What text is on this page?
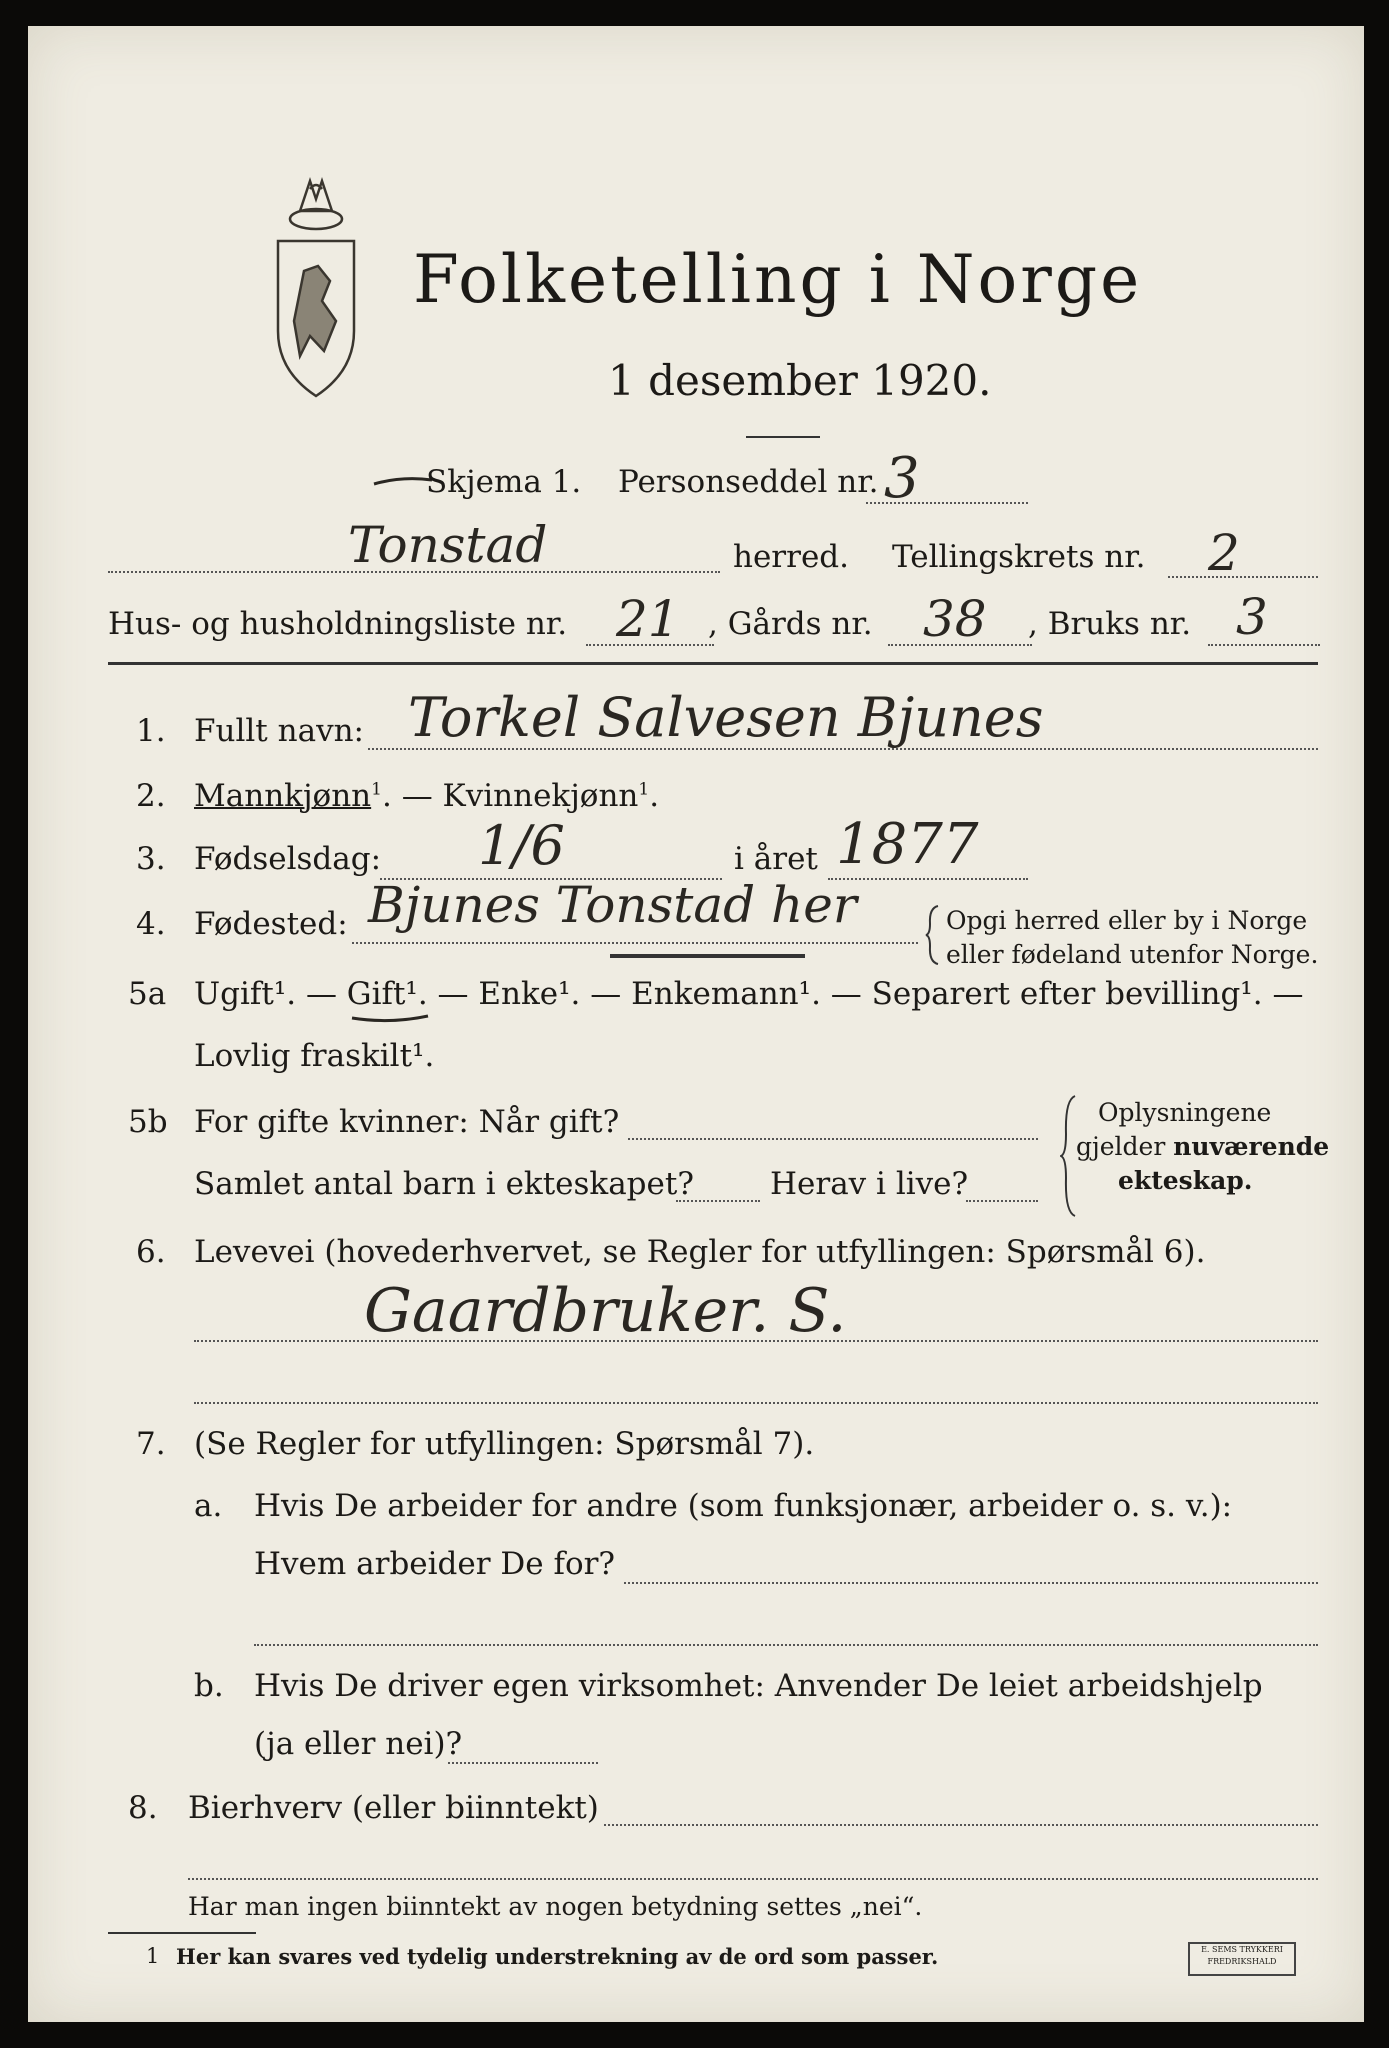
Folketelling i Norge
1 desember 1920.
Skjema 1. Personseddel nr. 3
Tonstad	herred. Tellingskrets nr. 2
Hus- og husholdningsliste nr. 21 , Gårds nr. 38 , Bruks nr. 3
1. Fullt navn: Torkel Salvesen Bjunes
2. Mannkjønn$^1$. — Kvinnekjønn$^1$.
3. Fødselsdag: 1/6	i året 1877
4. Fødested: Bjunes Tonstad her	Opgi herred eller by i Norge
eller fødeland utenfor Norge.
5a Ugift¹. — Gift¹. — Enke¹. — Enkemann¹. — Separert efter bevilling¹. —
Lovlig fraskilt¹.
5b For gifte kvinner: Når gift?
Samlet antal barn i ekteskapet? Herav i live?
Oplysningene
gjelder nuværende
ekteskap.
6. Levevei (hovederhvervet, se Regler for utfyllingen: Spørsmål 6).
Gaardbruker. S.
7. (Se Regler for utfyllingen: Spørsmål 7).
a. Hvis De arbeider for andre (som funksjonær, arbeider o. s. v.):
Hvem arbeider De for?
b. Hvis De driver egen virksomhet: Anvender De leiet arbeidshjelp
(ja eller nei)?
8. Bierhverv (eller biinntekt)
Har man ingen biinntekt av nogen betydning settes „nei“.
1 Her kan svares ved tydelig understrekning av de ord som passer.	E. SEMS TRYKKERI
FREDRIKSHALD
